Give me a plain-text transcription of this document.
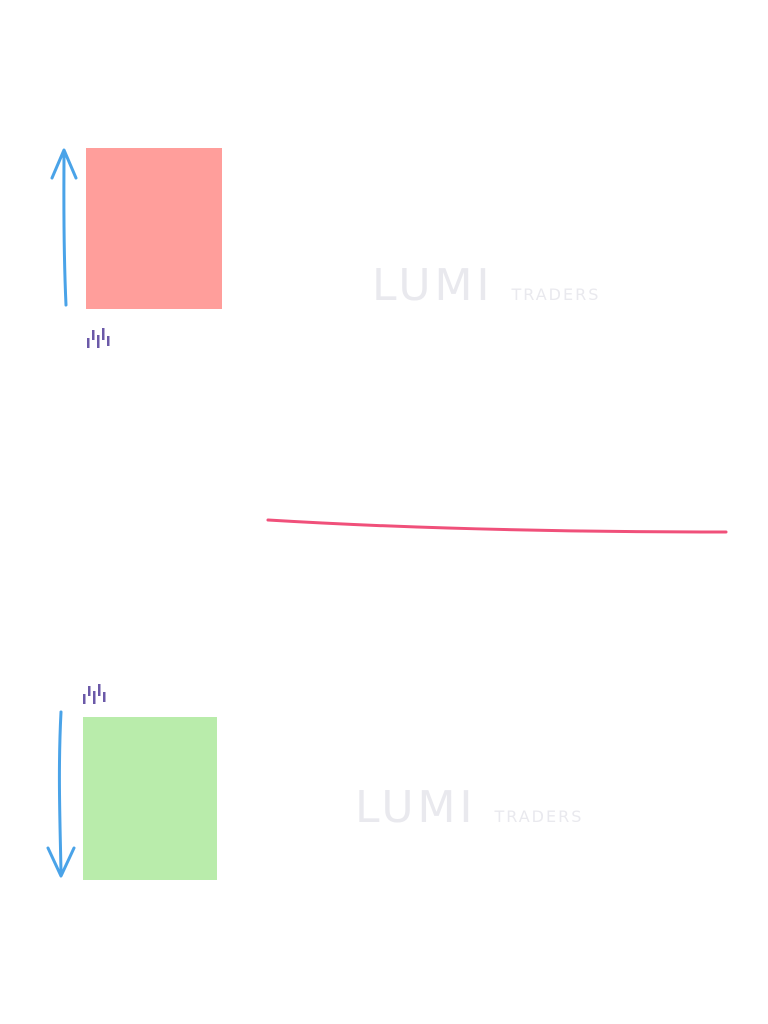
LUMI TRADERS
LUMI TRADERS
